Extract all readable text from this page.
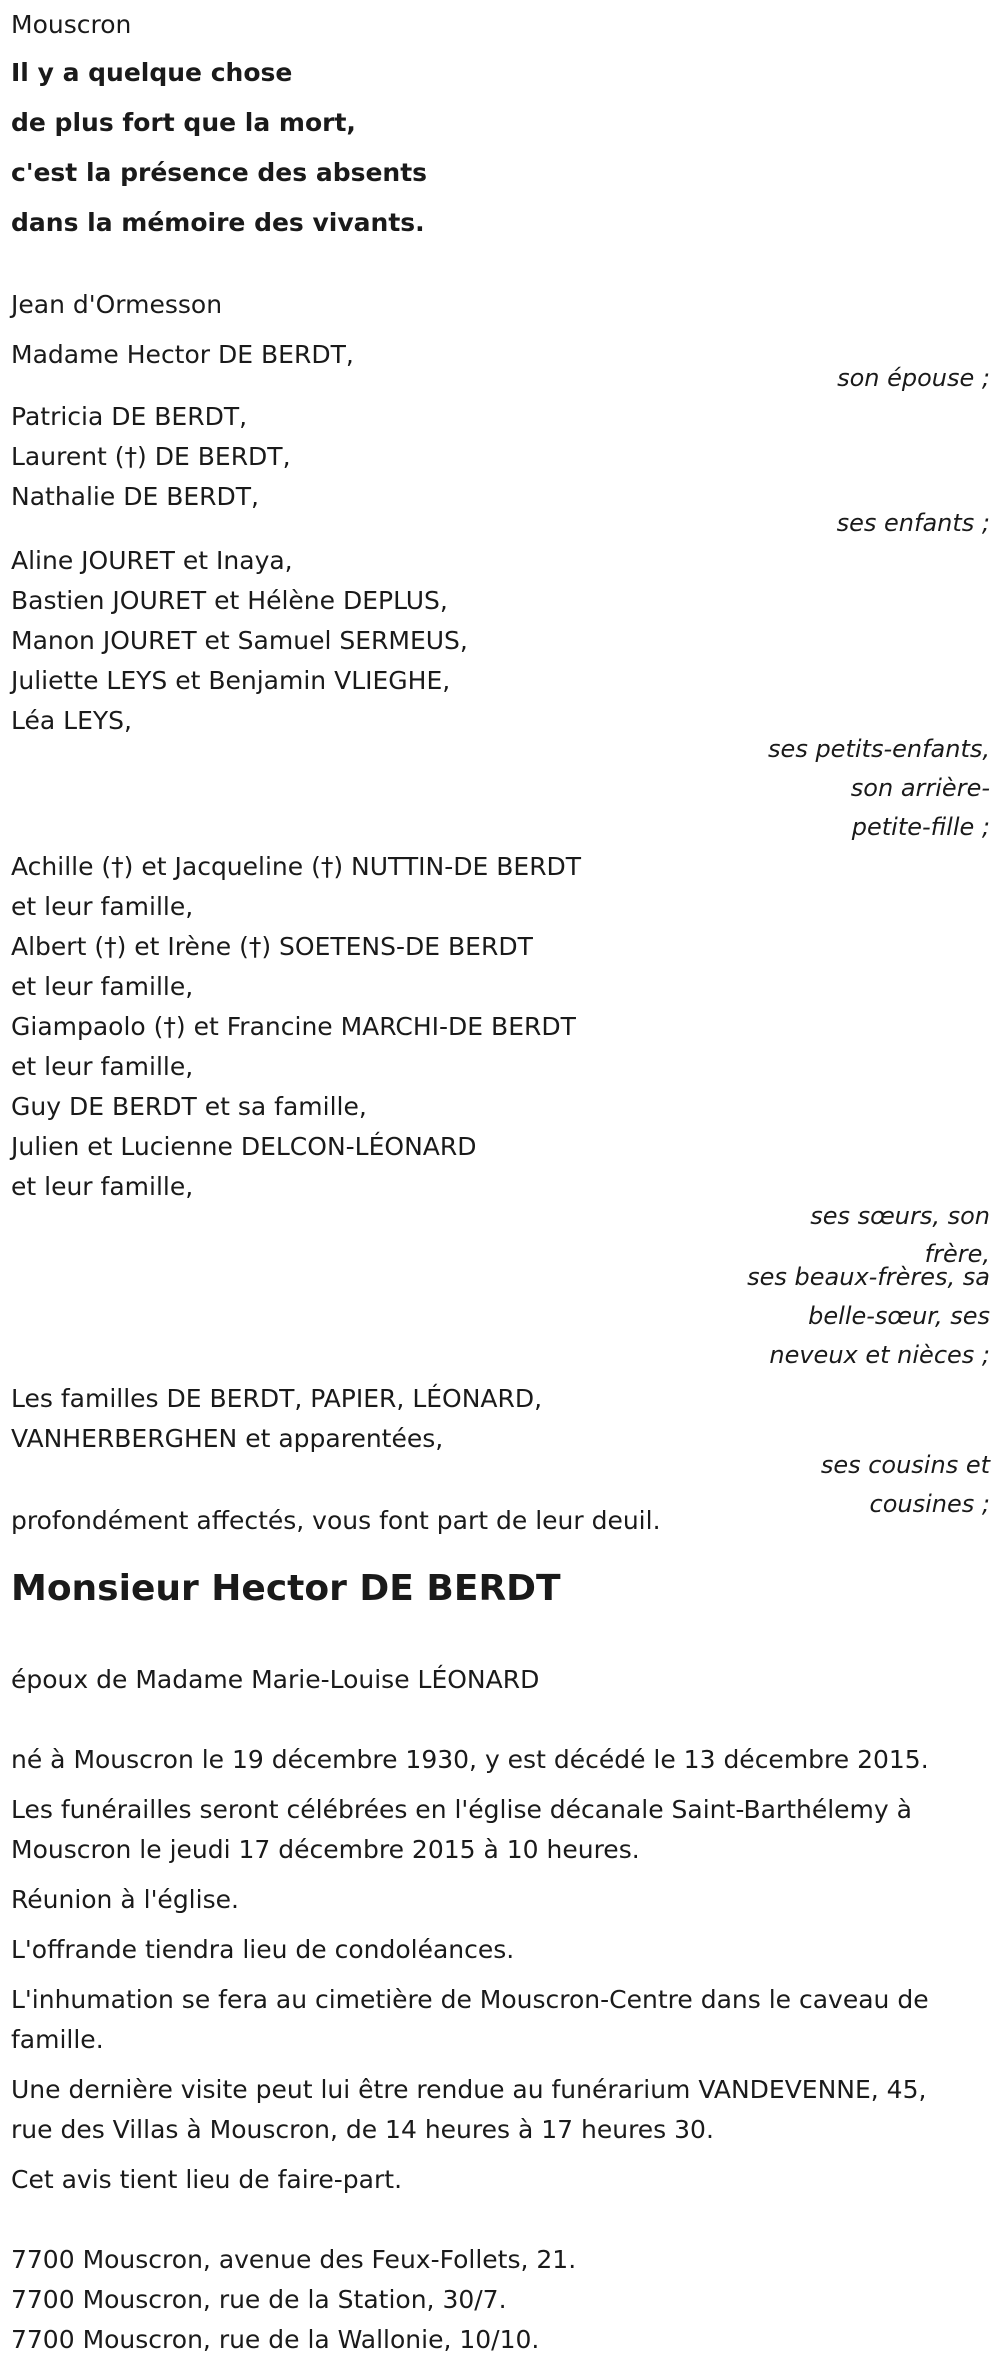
Mouscron
Il y a quelque chose
de plus fort que la mort,
c'est la présence des absents
dans la mémoire des vivants.
Jean d'Ormesson
Madame Hector DE BERDT,
son épouse ;
Patricia DE BERDT,
Laurent (†) DE BERDT,
Nathalie DE BERDT,
ses enfants ;
Aline JOURET et Inaya,
Bastien JOURET et Hélène DEPLUS,
Manon JOURET et Samuel SERMEUS,
Juliette LEYS et Benjamin VLIEGHE,
Léa LEYS,
ses petits-enfants,
son arrière-
petite-fille ;
Achille (†) et Jacqueline (†) NUTTIN-DE BERDT
et leur famille,
Albert (†) et Irène (†) SOETENS-DE BERDT
et leur famille,
Giampaolo (†) et Francine MARCHI-DE BERDT
et leur famille,
Guy DE BERDT et sa famille,
Julien et Lucienne DELCON-LÉONARD
et leur famille,
ses sœurs, son
frère,
ses beaux-frères, sa
belle-sœur, ses
neveux et nièces ;
Les familles DE BERDT, PAPIER, LÉONARD,
VANHERBERGHEN et apparentées,
ses cousins et
cousines ;
profondément affectés, vous font part de leur deuil.
Monsieur Hector DE BERDT
époux de Madame Marie-Louise LÉONARD
né à Mouscron le 19 décembre 1930, y est décédé le 13 décembre 2015.
Les funérailles seront célébrées en l'église décanale Saint-Barthélemy à
Mouscron le jeudi 17 décembre 2015 à 10 heures.
Réunion à l'église.
L'offrande tiendra lieu de condoléances.
L'inhumation se fera au cimetière de Mouscron-Centre dans le caveau de
famille.
Une dernière visite peut lui être rendue au funérarium VANDEVENNE, 45,
rue des Villas à Mouscron, de 14 heures à 17 heures 30.
Cet avis tient lieu de faire-part.
7700 Mouscron, avenue des Feux-Follets, 21.
7700 Mouscron, rue de la Station, 30/7.
7700 Mouscron, rue de la Wallonie, 10/10.
